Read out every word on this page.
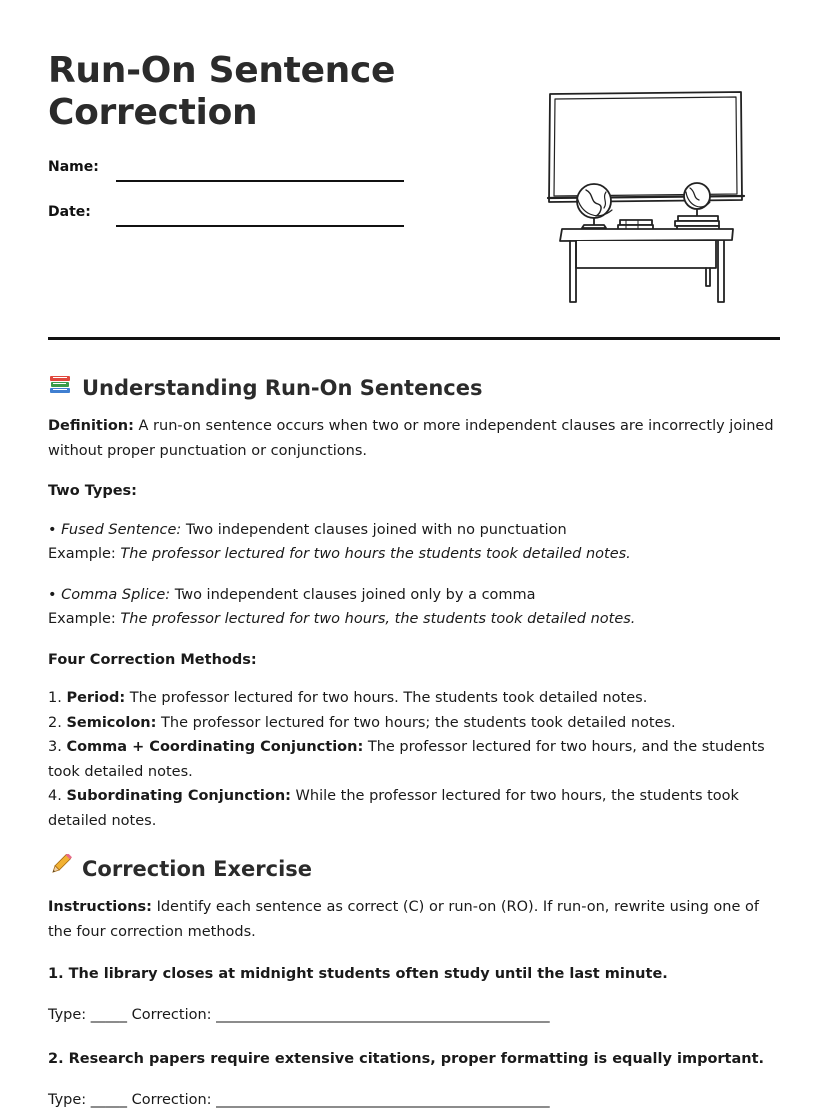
Run-On Sentence
Correction
Name:
Date:
Understanding Run-On Sentences

Definition: A run-on sentence occurs when two or more independent clauses are incorrectly joined without proper punctuation or conjunctions.

Two Types:

• Fused Sentence: Two independent clauses joined with no punctuation

Example: The professor lectured for two hours the students took detailed notes.

• Comma Splice: Two independent clauses joined only by a comma

Example: The professor lectured for two hours, the students took detailed notes.

Four Correction Methods:

1. Period: The professor lectured for two hours. The students took detailed notes.

2. Semicolon: The professor lectured for two hours; the students took detailed notes.

3. Comma + Coordinating Conjunction: The professor lectured for two hours, and the students took detailed notes.

4. Subordinating Conjunction: While the professor lectured for two hours, the students took detailed notes.

Correction Exercise

Instructions: Identify each sentence as correct (C) or run-on (RO). If run-on, rewrite using one of the four correction methods.

1. The library closes at midnight students often study until the last minute.

Type: _____ Correction: ______________________________________________

2. Research papers require extensive citations, proper formatting is equally important.

Type: _____ Correction: ______________________________________________
